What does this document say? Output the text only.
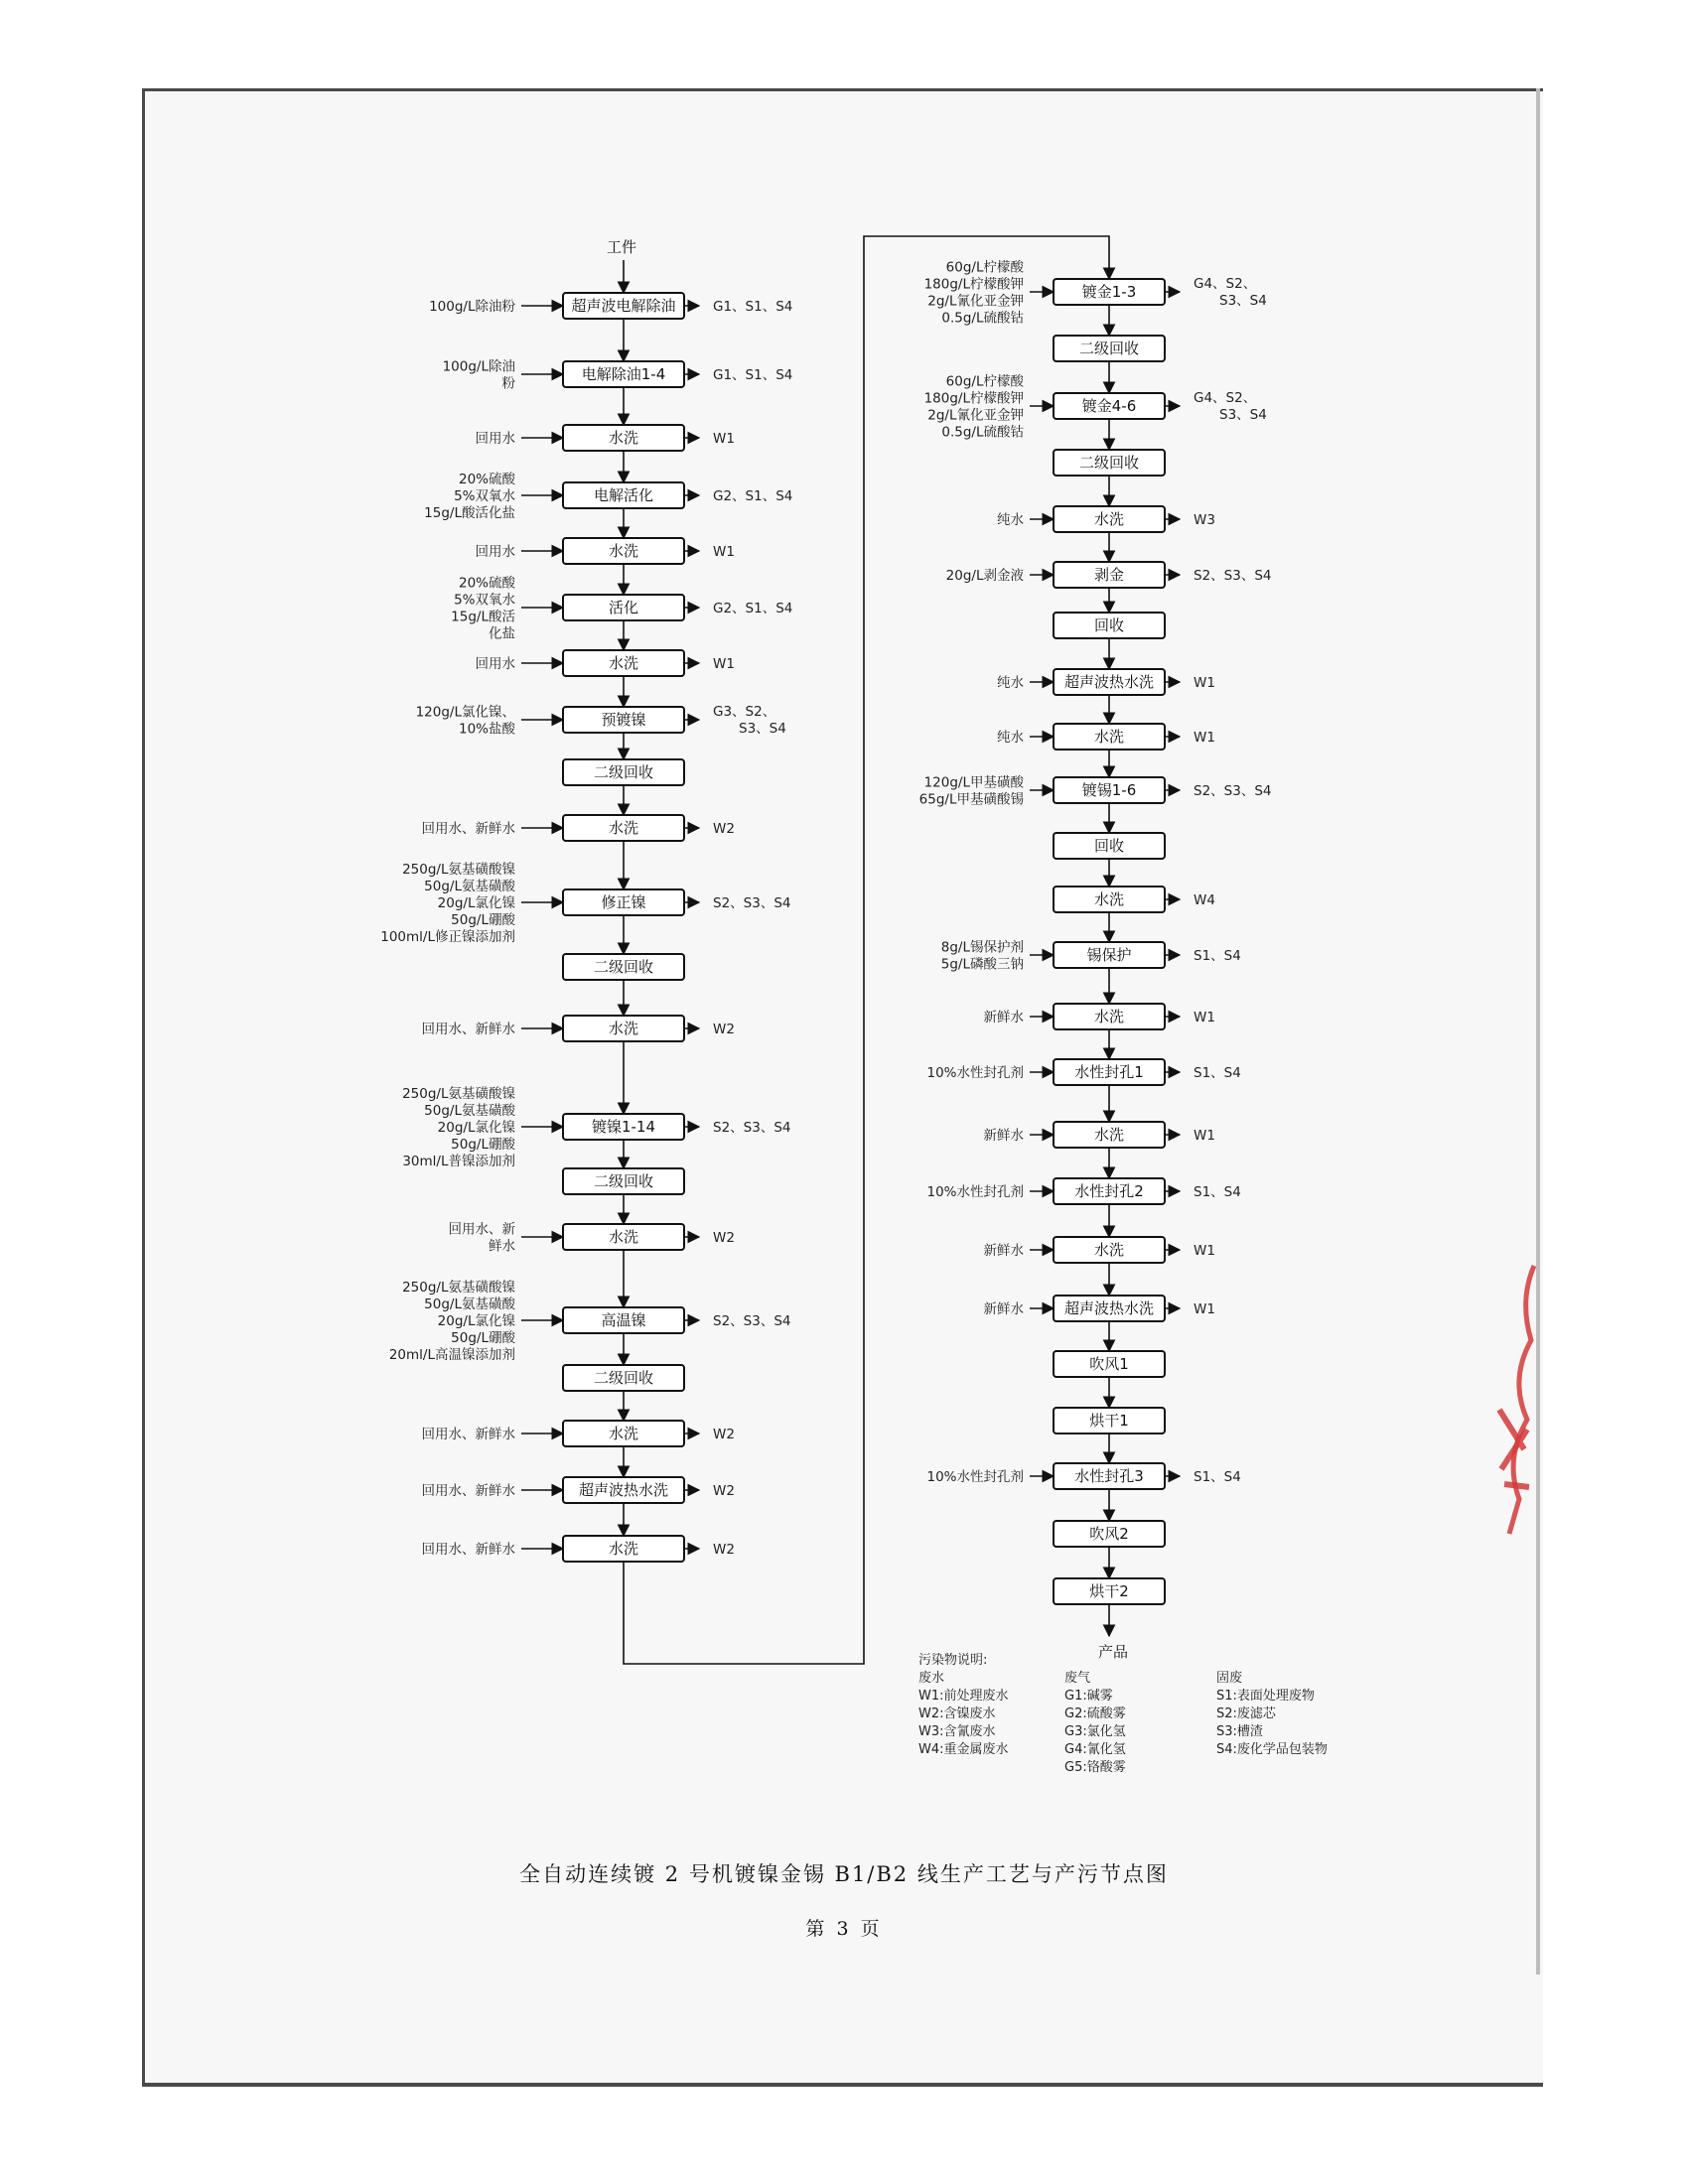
工件
超声波电解除油
100g/L除油粉	G1、S1、S4
电解除油1-4
100g/L除油
粉
G1、S1、S4
水洗
回用水	W1
电解活化
20%硫酸
5%双氧水
15g/L酸活化盐
G2、S1、S4
水洗
回用水	W1
活化
20%硫酸
5%双氧水
15g/L酸活
化盐
G2、S1、S4
水洗
回用水	W1
预镀镍
120g/L氯化镍、
10%盐酸
G3、S2、
S3、S4
二级回收
水洗
回用水、新鲜水	W2
修正镍
250g/L氨基磺酸镍
50g/L氨基磺酸
20g/L氯化镍
50g/L硼酸
100ml/L修正镍添加剂
S2、S3、S4
二级回收
水洗
回用水、新鲜水	W2
镀镍1-14
250g/L氨基磺酸镍
50g/L氨基磺酸
20g/L氯化镍
50g/L硼酸
30ml/L普镍添加剂
S2、S3、S4
二级回收
水洗
回用水、新
鲜水
W2
高温镍
250g/L氨基磺酸镍
50g/L氨基磺酸
20g/L氯化镍
50g/L硼酸
20ml/L高温镍添加剂
S2、S3、S4
二级回收
水洗
回用水、新鲜水	W2
超声波热水洗
回用水、新鲜水	W2
水洗
回用水、新鲜水	W2
镀金1-3
60g/L柠檬酸
180g/L柠檬酸钾
2g/L氰化亚金钾
0.5g/L硫酸钴
G4、S2、
S3、S4
二级回收
镀金4-6
60g/L柠檬酸
180g/L柠檬酸钾
2g/L氰化亚金钾
0.5g/L硫酸钴
G4、S2、
S3、S4
二级回收
水洗
纯水	W3
剥金
20g/L剥金液	S2、S3、S4
回收
超声波热水洗
纯水	W1
水洗
纯水	W1
镀锡1-6
120g/L甲基磺酸
65g/L甲基磺酸锡
S2、S3、S4
回收
水洗	W4
锡保护
8g/L锡保护剂
5g/L磷酸三钠
S1、S4
水洗
新鲜水	W1
水性封孔1
10%水性封孔剂	S1、S4
水洗
新鲜水	W1
水性封孔2
10%水性封孔剂	S1、S4
水洗
新鲜水	W1
超声波热水洗
新鲜水	W1
吹风1
烘干1
水性封孔3
10%水性封孔剂	S1、S4
吹风2
烘干2
产品
污染物说明:
废水
W1:前处理废水
W2:含镍废水
W3:含氰废水
W4:重金属废水
废气
G1:碱雾
G2:硫酸雾
G3:氯化氢
G4:氰化氢
G5:铬酸雾
固废
S1:表面处理废物
S2:废滤芯
S3:槽渣
S4:废化学品包装物
全自动连续镀 2 号机镀镍金锡 B1/B2 线生产工艺与产污节点图
第 3 页
